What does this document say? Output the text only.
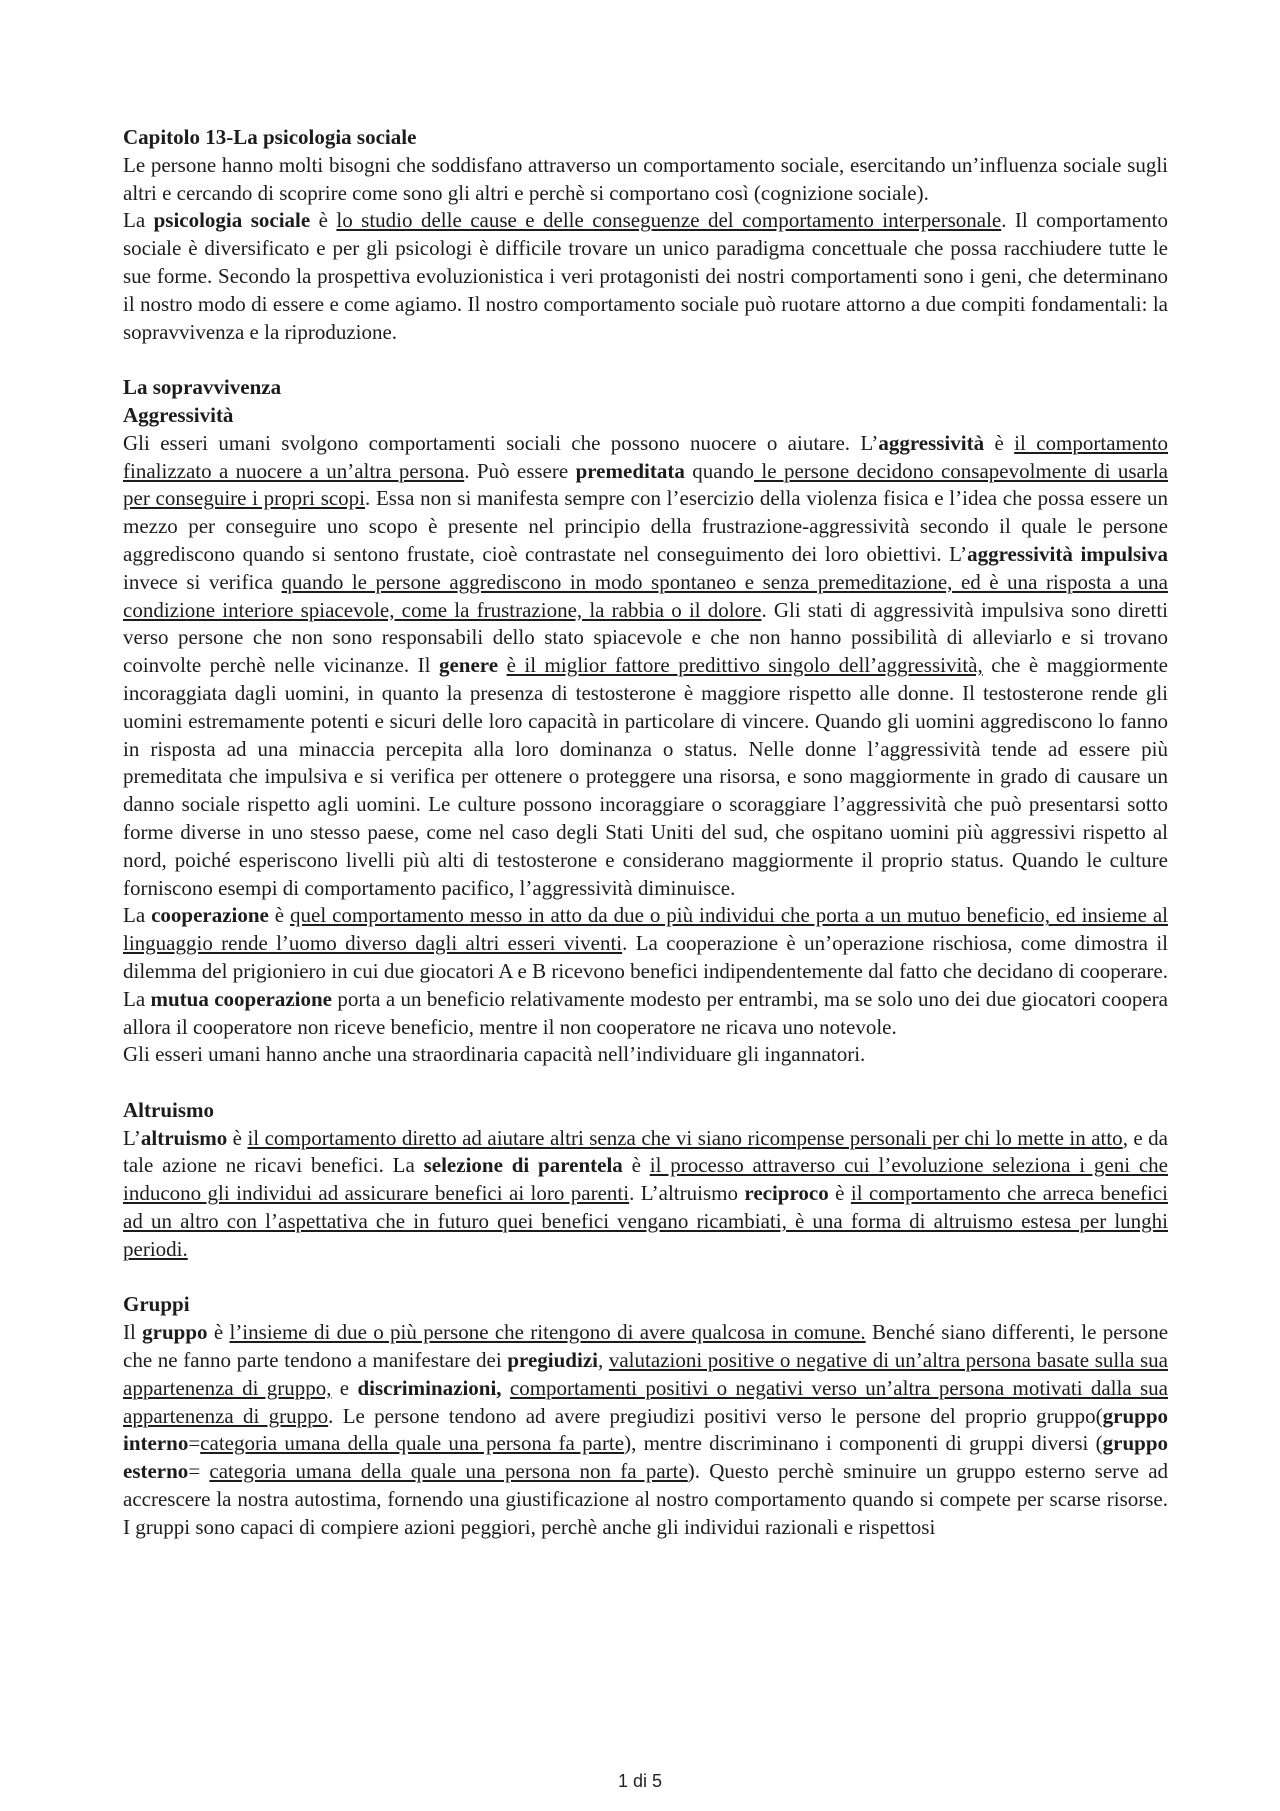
Capitolo 13-La psicologia sociale

Le persone hanno molti bisogni che soddisfano attraverso un comportamento sociale, esercitando un’influenza sociale sugli altri e cercando di scoprire come sono gli altri e perchè si comportano così (cognizione sociale).

La psicologia sociale è lo studio delle cause e delle conseguenze del comportamento interpersonale. Il comportamento sociale è diversificato e per gli psicologi è difficile trovare un unico paradigma concettuale che possa racchiudere tutte le sue forme. Secondo la prospettiva evoluzionistica i veri protagonisti dei nostri comportamenti sono i geni, che determinano il nostro modo di essere e come agiamo. Il nostro comportamento sociale può ruotare attorno a due compiti fondamentali: la sopravvivenza e la riproduzione.

La sopravvivenza

Aggressività

Gli esseri umani svolgono comportamenti sociali che possono nuocere o aiutare. L’aggressività è il comportamento finalizzato a nuocere a un’altra persona. Può essere premeditata quando le persone decidono consapevolmente di usarla per conseguire i propri scopi. Essa non si manifesta sempre con l’esercizio della violenza fisica e l’idea che possa essere un mezzo per conseguire uno scopo è presente nel principio della frustrazione-aggressività secondo il quale le persone aggrediscono quando si sentono frustate, cioè contrastate nel conseguimento dei loro obiettivi. L’aggressività impulsiva invece si verifica quando le persone aggrediscono in modo spontaneo e senza premeditazione, ed è una risposta a una condizione interiore spiacevole, come la frustrazione, la rabbia o il dolore. Gli stati di aggressività impulsiva sono diretti verso persone che non sono responsabili dello stato spiacevole e che non hanno possibilità di alleviarlo e si trovano coinvolte perchè nelle vicinanze. Il genere è il miglior fattore predittivo singolo dell’aggressività, che è maggiormente incoraggiata dagli uomini, in quanto la presenza di testosterone è maggiore rispetto alle donne. Il testosterone rende gli uomini estremamente potenti e sicuri delle loro capacità in particolare di vincere. Quando gli uomini aggrediscono lo fanno in risposta ad una minaccia percepita alla loro dominanza o status. Nelle donne l’aggressività tende ad essere più premeditata che impulsiva e si verifica per ottenere o proteggere una risorsa, e sono maggiormente in grado di causare un danno sociale rispetto agli uomini. Le culture possono incoraggiare o scoraggiare l’aggressività che può presentarsi sotto forme diverse in uno stesso paese, come nel caso degli Stati Uniti del sud, che ospitano uomini più aggressivi rispetto al nord, poiché esperiscono livelli più alti di testosterone e considerano maggiormente il proprio status. Quando le culture forniscono esempi di comportamento pacifico, l’aggressività diminuisce.

La cooperazione è quel comportamento messo in atto da due o più individui che porta a un mutuo beneficio, ed insieme al linguaggio rende l’uomo diverso dagli altri esseri viventi. La cooperazione è un’operazione rischiosa, come dimostra il dilemma del prigioniero in cui due giocatori A e B ricevono benefici indipendentemente dal fatto che decidano di cooperare. La mutua cooperazione porta a un beneficio relativamente modesto per entrambi, ma se solo uno dei due giocatori coopera allora il cooperatore non riceve beneficio, mentre il non cooperatore ne ricava uno notevole.

Gli esseri umani hanno anche una straordinaria capacità nell’individuare gli ingannatori.

Altruismo

L’altruismo è il comportamento diretto ad aiutare altri senza che vi siano ricompense personali per chi lo mette in atto, e da tale azione ne ricavi benefici. La selezione di parentela è il processo attraverso cui l’evoluzione seleziona i geni che inducono gli individui ad assicurare benefici ai loro parenti. L’altruismo reciproco è il comportamento che arreca benefici ad un altro con l’aspettativa che in futuro quei benefici vengano ricambiati, è una forma di altruismo estesa per lunghi periodi.

Gruppi

Il gruppo è l’insieme di due o più persone che ritengono di avere qualcosa in comune. Benché siano differenti, le persone che ne fanno parte tendono a manifestare dei pregiudizi, valutazioni positive o negative di un’altra persona basate sulla sua appartenenza di gruppo, e discriminazioni, comportamenti positivi o negativi verso un’altra persona motivati dalla sua appartenenza di gruppo. Le persone tendono ad avere pregiudizi positivi verso le persone del proprio gruppo(gruppo interno=categoria umana della quale una persona fa parte), mentre discriminano i componenti di gruppi diversi (gruppo esterno= categoria umana della quale una persona non fa parte). Questo perchè sminuire un gruppo esterno serve ad accrescere la nostra autostima, fornendo una giustificazione al nostro comportamento quando si compete per scarse risorse. I gruppi sono capaci di compiere azioni peggiori, perchè anche gli individui razionali e rispettosi

1 di 5
